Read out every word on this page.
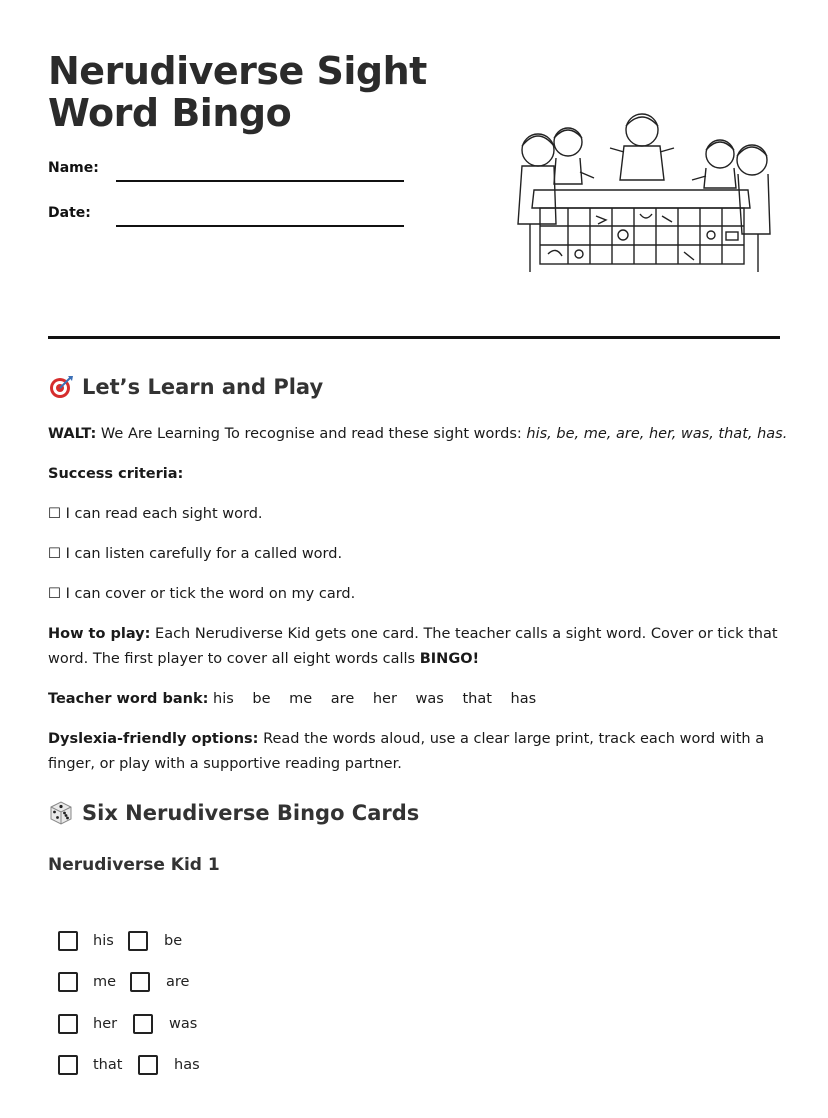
Nerudiverse Sight Word Bingo
Name:
Date:
Let’s Learn and Play

WALT: We Are Learning To recognise and read these sight words: his, be, me, are, her, was, that, has.

Success criteria:

☐ I can read each sight word.

☐ I can listen carefully for a called word.

☐ I can cover or tick the word on my card.

How to play: Each Nerudiverse Kid gets one card. The teacher calls a sight word. Cover or tick that word. The first player to cover all eight words calls BINGO!

Teacher word bank: his be me are her was that has

Dyslexia-friendly options: Read the words aloud, use a clear large print, track each word with a finger, or play with a supportive reading partner.

Six Nerudiverse Bingo Cards
Nerudiverse Kid 1
his	be
me	are
her	was
that	has
